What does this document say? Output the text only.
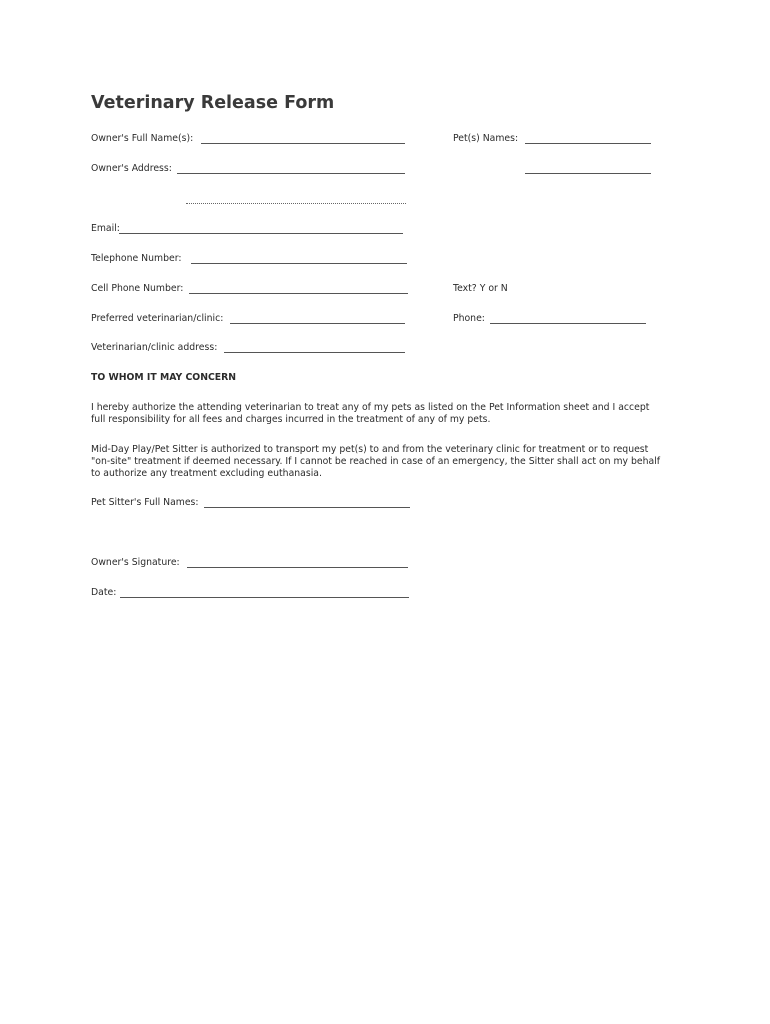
Veterinary Release Form
Owner's Full Name(s):	Pet(s) Names:
Owner's Address:
Email:
Telephone Number:
Cell Phone Number:	Text? Y or N
Preferred veterinarian/clinic:	Phone:
Veterinarian/clinic address:
TO WHOM IT MAY CONCERN
I hereby authorize the attending veterinarian to treat any of my pets as listed on the Pet Information sheet and I accept
full responsibility for all fees and charges incurred in the treatment of any of my pets.
Mid-Day Play/Pet Sitter is authorized to transport my pet(s) to and from the veterinary clinic for treatment or to request
"on-site" treatment if deemed necessary. If I cannot be reached in case of an emergency, the Sitter shall act on my behalf
to authorize any treatment excluding euthanasia.
Pet Sitter's Full Names:
Owner's Signature:
Date:
